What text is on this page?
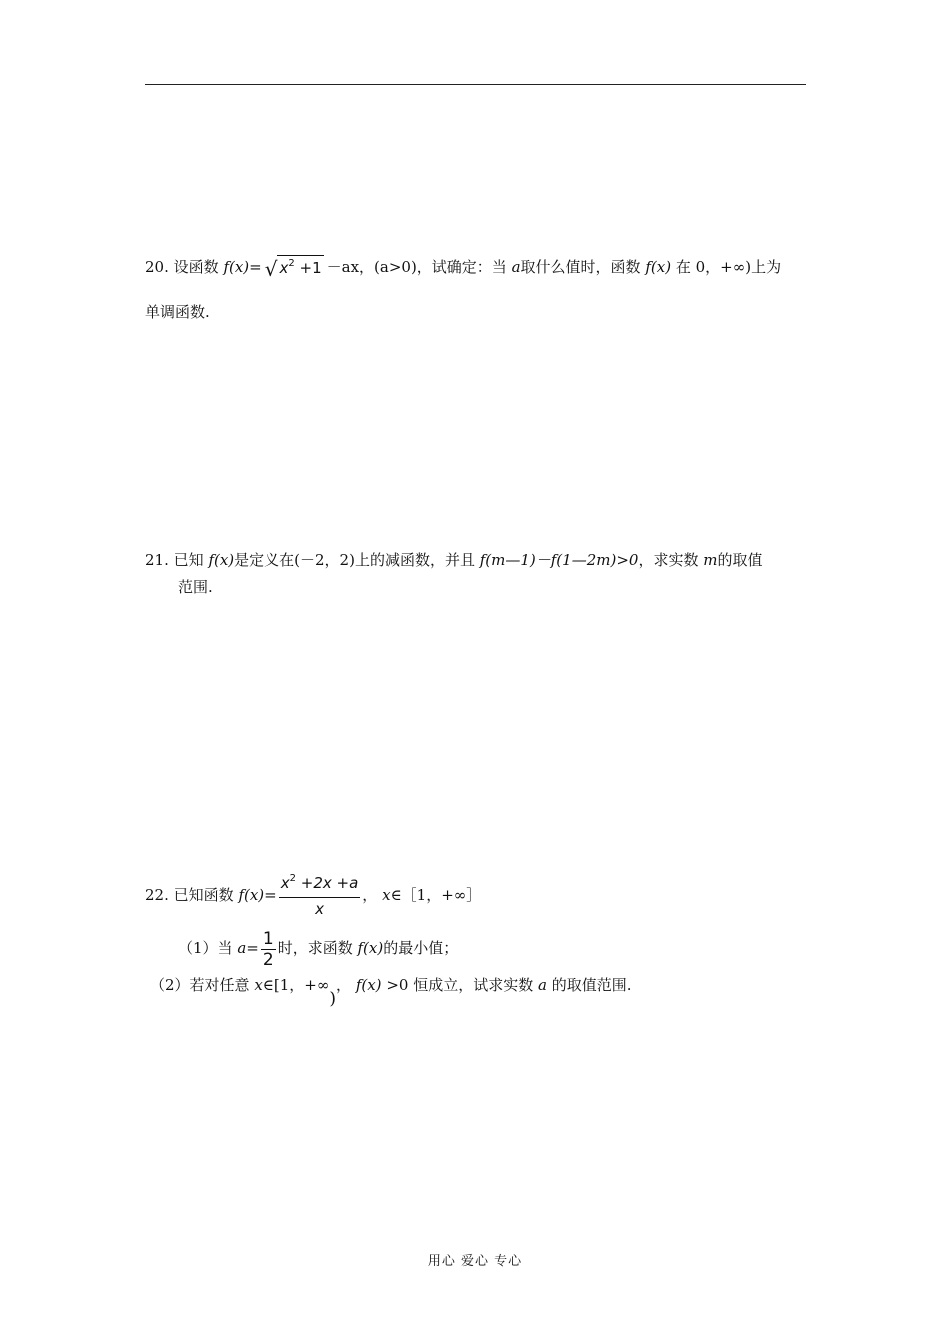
20. 设函数 f(x)= √ $x^2 +1 -ax$，(a>0)，试确定：当 a取什么值时，函数 f(x) 在 0，+∞)上为
单调函数.
21. 已知 f(x)是定义在(－2，2)上的减函数，并且 f(m—1)－f(1—2m)>0，求实数 m的取值
范围.
22. 已知函数 $f(x)= \frac{x^2 +2x +a}{x}$ ， x∈［1，+∞］
（1）当 $a= \frac{1}{2}$ 时，求函数 f(x)的最小值；
（2）若对任意 x∈[1，+∞)， f(x) >0 恒成立，试求实数 a 的取值范围.
用心 爱心 专心
